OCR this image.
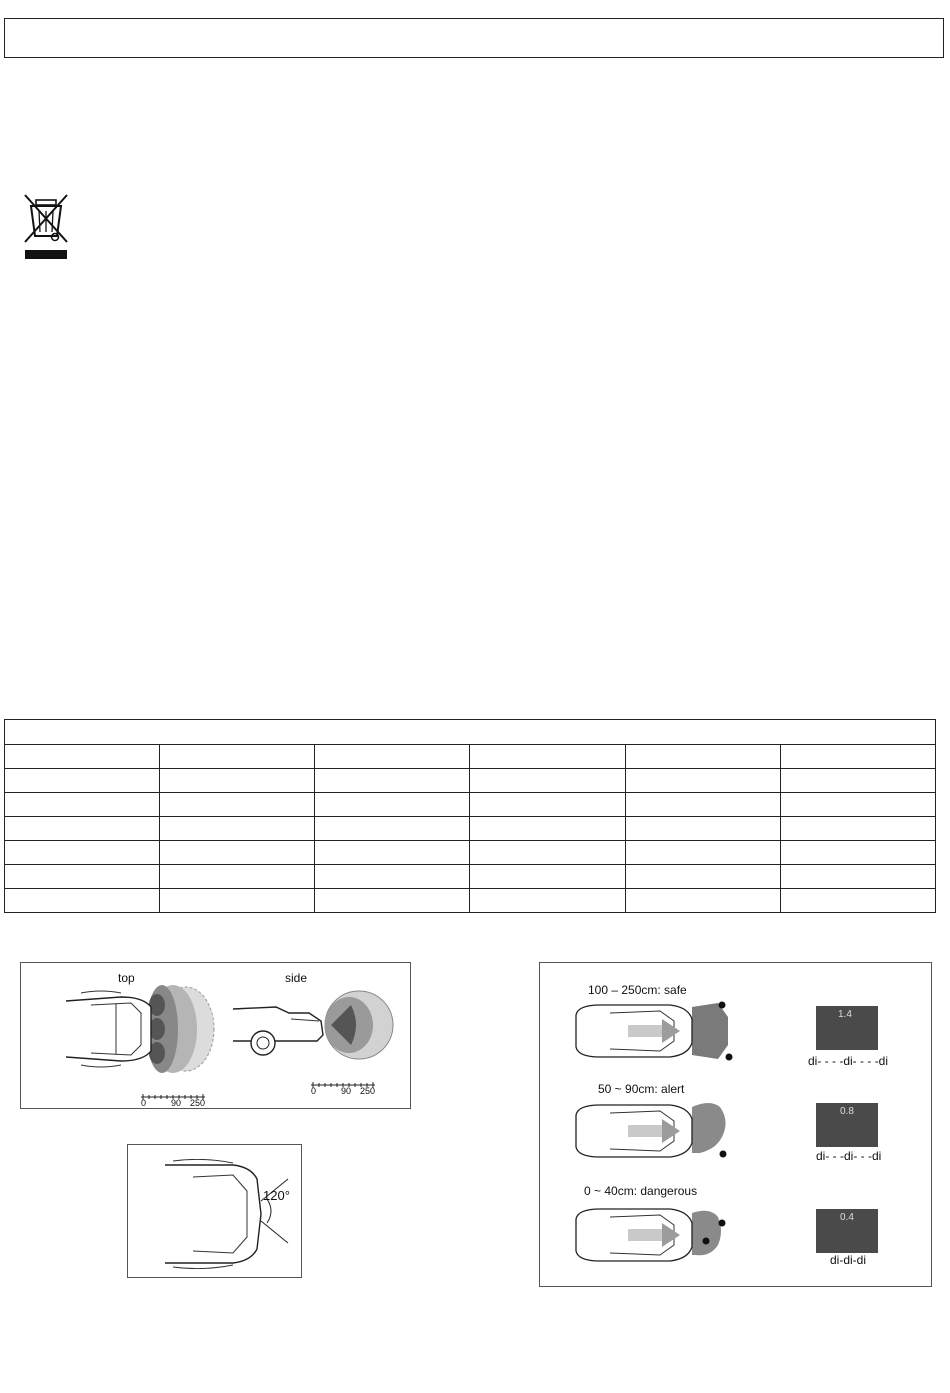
top	side
0	90 250
0	90 250
120°
100 – 250cm: safe
1.4
di- - - -di- - - -di
50 ~ 90cm: alert
0.8
di- - -di- - -di
0 ~ 40cm: dangerous
0.4
di-di-di
